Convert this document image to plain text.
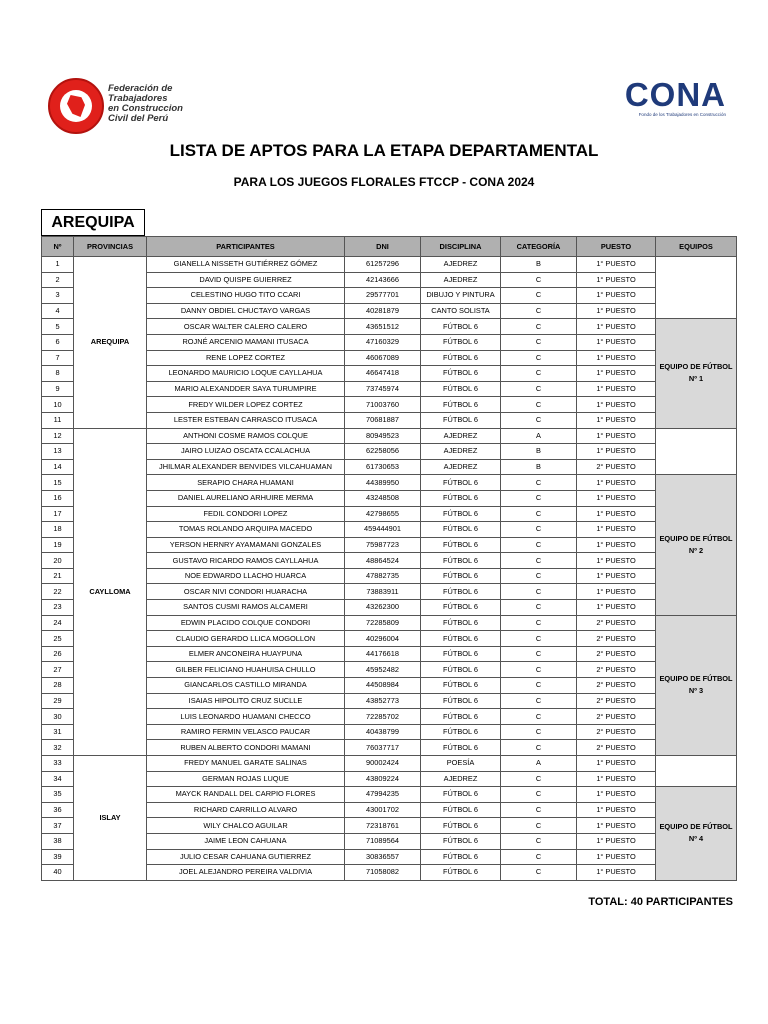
Federación de
Trabajadores
en Construccion
Civil del Perú
CONA
Fondo de los Trabajadores en Construcción
LISTA DE APTOS PARA LA ETAPA DEPARTAMENTAL
PARA LOS JUEGOS FLORALES FTCCP - CONA 2024
AREQUIPA
Nº	PROVINCIAS	PARTICIPANTES	DNI	DISCIPLINA	CATEGORÍA	PUESTO	EQUIPOS
1	AREQUIPA	GIANELLA NISSETH GUTIÉRREZ GÓMEZ	61257296	AJEDREZ	B	1° PUESTO	
2		DAVID QUISPE GUIERREZ	42143666	AJEDREZ	C	1° PUESTO	
3		CELESTINO HUGO TITO CCARI	29577701	DIBUJO Y PINTURA	C	1° PUESTO	
4		DANNY OBDIEL CHUCTAYO VARGAS	40281879	CANTO SOLISTA	C	1° PUESTO	
5		OSCAR WALTER CALERO CALERO	43651512	FÚTBOL 6	C	1° PUESTO	EQUIPO DE FÚTBOL Nº 1
6		ROJNÉ ARCENIO MAMANI ITUSACA	47160329	FÚTBOL 6	C	1° PUESTO	
7		RENE LOPEZ CORTEZ	46067089	FÚTBOL 6	C	1° PUESTO	
8		LEONARDO MAURICIO LOQUE CAYLLAHUA	46647418	FÚTBOL 6	C	1° PUESTO	
9		MARIO ALEXANDDER SAYA TURUMPIRE	73745974	FÚTBOL 6	C	1° PUESTO	
10		FREDY WILDER LOPEZ CORTEZ	71003760	FÚTBOL 6	C	1° PUESTO	
11		LESTER ESTEBAN CARRASCO ITUSACA	70681887	FÚTBOL 6	C	1° PUESTO	
12	CAYLLOMA	ANTHONI COSME RAMOS COLQUE	80949523	AJEDREZ	A	1° PUESTO	
13		JAIRO LUIZAO OSCATA CCALACHUA	62258056	AJEDREZ	B	1° PUESTO	
14		JHILMAR ALEXANDER BENVIDES VILCAHUAMAN	61730653	AJEDREZ	B	2° PUESTO	
15		SERAPIO CHARA HUAMANI	44389950	FÚTBOL 6	C	1° PUESTO	EQUIPO DE FÚTBOL Nº 2
16		DANIEL AURELIANO ARHUIRE MERMA	43248508	FÚTBOL 6	C	1° PUESTO	
17		FEDIL CONDORI LOPEZ	42798655	FÚTBOL 6	C	1° PUESTO	
18		TOMAS ROLANDO ARQUIPA MACEDO	459444901	FÚTBOL 6	C	1° PUESTO	
19		YERSON HERNRY AYAMAMANI GONZALES	75987723	FÚTBOL 6	C	1° PUESTO	
20		GUSTAVO RICARDO RAMOS CAYLLAHUA	48864524	FÚTBOL 6	C	1° PUESTO	
21		NOE EDWARDO LLACHO HUARCA	47882735	FÚTBOL 6	C	1° PUESTO	
22		OSCAR NIVI CONDORI HUARACHA	73883911	FÚTBOL 6	C	1° PUESTO	
23		SANTOS CUSMI RAMOS ALCAMERI	43262300	FÚTBOL 6	C	1° PUESTO	
24		EDWIN PLACIDO COLQUE CONDORI	72285809	FÚTBOL 6	C	2° PUESTO	EQUIPO DE FÚTBOL Nº 3
25		CLAUDIO GERARDO LLICA MOGOLLON	40296004	FÚTBOL 6	C	2° PUESTO	
26		ELMER ANCONEIRA HUAYPUNA	44176618	FÚTBOL 6	C	2° PUESTO	
27		GILBER FELICIANO HUAHUISA CHULLO	45952482	FÚTBOL 6	C	2° PUESTO	
28		GIANCARLOS CASTILLO MIRANDA	44508984	FÚTBOL 6	C	2° PUESTO	
29		ISAIAS HIPOLITO CRUZ SUCLLE	43852773	FÚTBOL 6	C	2° PUESTO	
30		LUIS LEONARDO HUAMANI CHECCO	72285702	FÚTBOL 6	C	2° PUESTO	
31		RAMIRO FERMIN VELASCO PAUCAR	40438799	FÚTBOL 6	C	2° PUESTO	
32		RUBEN ALBERTO CONDORI MAMANI	76037717	FÚTBOL 6	C	2° PUESTO	
33	ISLAY	FREDY MANUEL GARATE SALINAS	90002424	POESÍA	A	1° PUESTO	
34		GERMAN ROJAS LUQUE	43809224	AJEDREZ	C	1° PUESTO	
35		MAYCK RANDALL DEL CARPIO FLORES	47994235	FÚTBOL 6	C	1° PUESTO	EQUIPO DE FÚTBOL Nº 4
36		RICHARD CARRILLO ALVARO	43001702	FÚTBOL 6	C	1° PUESTO	
37		WILY CHALCO AGUILAR	72318761	FÚTBOL 6	C	1° PUESTO	
38		JAIME LEON CAHUANA	71089564	FÚTBOL 6	C	1° PUESTO	
39		JULIO CESAR CAHUANA GUTIERREZ	30836557	FÚTBOL 6	C	1° PUESTO	
40		JOEL ALEJANDRO PEREIRA VALDIVIA	71058082	FÚTBOL 6	C	1° PUESTO	
TOTAL: 40 PARTICIPANTES
